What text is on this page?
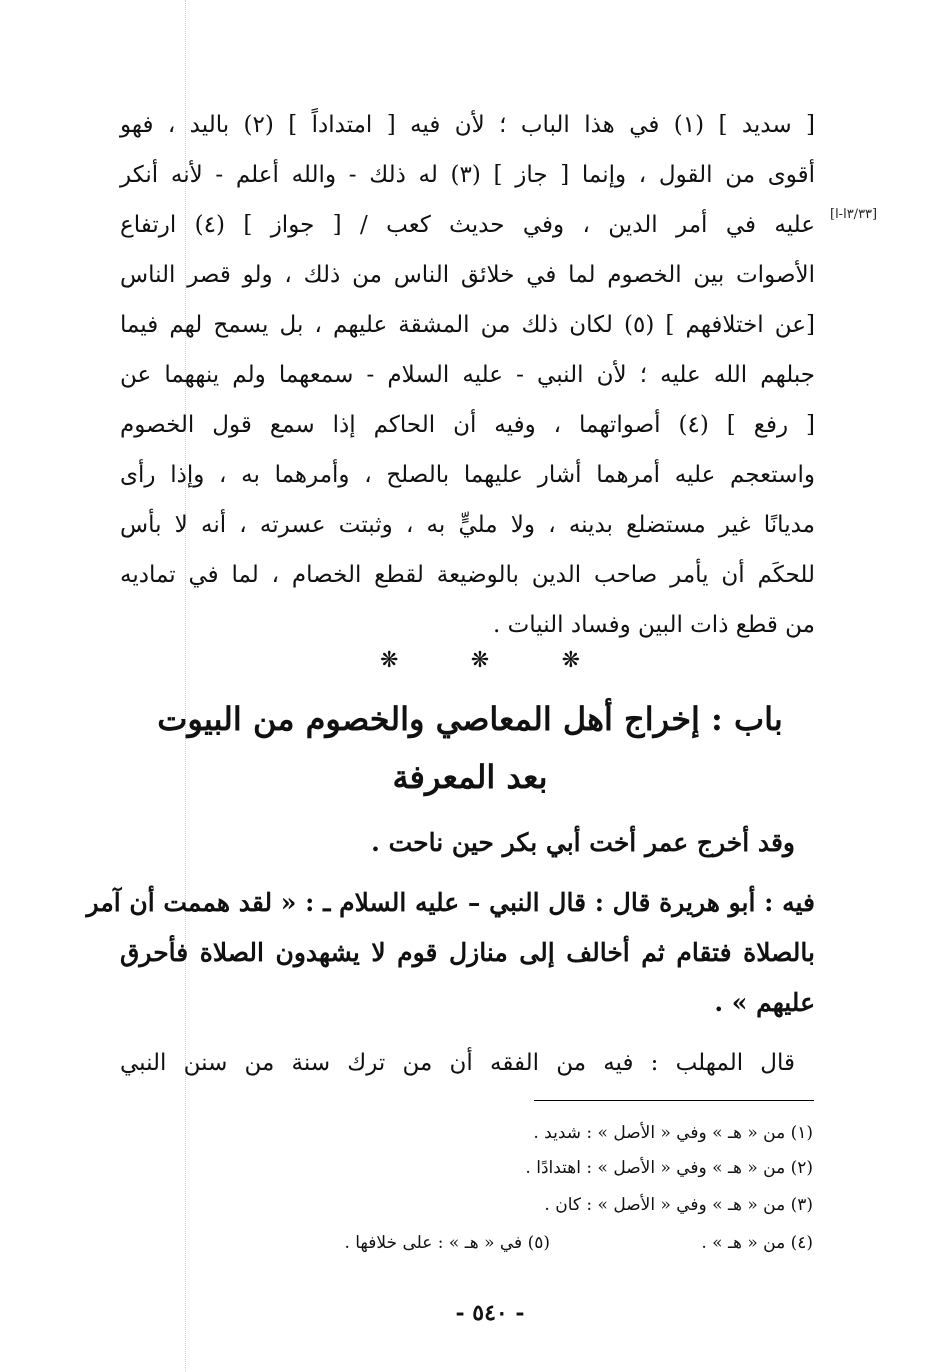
[٣/٣٣ا-ا]
[ سديد ] (١) في هذا الباب ؛ لأن فيه [ امتداداً ] (٢) باليد ، فهو
أقوى من القول ، وإنما [ جاز ] (٣) له ذلك - والله أعلم - لأنه أنكر
عليه في أمر الدين ، وفي حديث كعب / [ جواز ] (٤) ارتفاع
الأصوات بين الخصوم لما في خلائق الناس من ذلك ، ولو قصر الناس
[عن اختلافهم ] (٥) لكان ذلك من المشقة عليهم ، بل يسمح لهم فيما
جبلهم الله عليه ؛ لأن النبي - عليه السلام - سمعهما ولم ينههما عن
[ رفع ] (٤) أصواتهما ، وفيه أن الحاكم إذا سمع قول الخصوم
واستعجم عليه أمرهما أشار عليهما بالصلح ، وأمرهما به ، وإذا رأى
مديانًا غير مستضلع بدينه ، ولا مليٍّ به ، وثبتت عسرته ، أنه لا بأس
للحكَم أن يأمر صاحب الدين بالوضيعة لقطع الخصام ، لما في تماديه
من قطع ذات البين وفساد النيات .
❋	❋	❋
باب : إخراج أهل المعاصي والخصوم من البيوت
بعد المعرفة
وقد أخرج عمر أخت أبي بكر حين ناحت .
فيه : أبو هريرة قال : قال النبي – عليه السلام ـ : « لقد هممت أن آمر
بالصلاة فتقام ثم أخالف إلى منازل قوم لا يشهدون الصلاة فأحرق
عليهم » .
قال المهلب : فيه من الفقه أن من ترك سنة من سنن النبي
(١) من « هـ » وفي « الأصل » : شديد .
(٢) من « هـ » وفي « الأصل » : اهتدادًا .
(٣) من « هـ » وفي « الأصل » : كان .
(٤) من « هـ » .
(٥) في « هـ » : على خلافها .
- ٥٤٠ -
